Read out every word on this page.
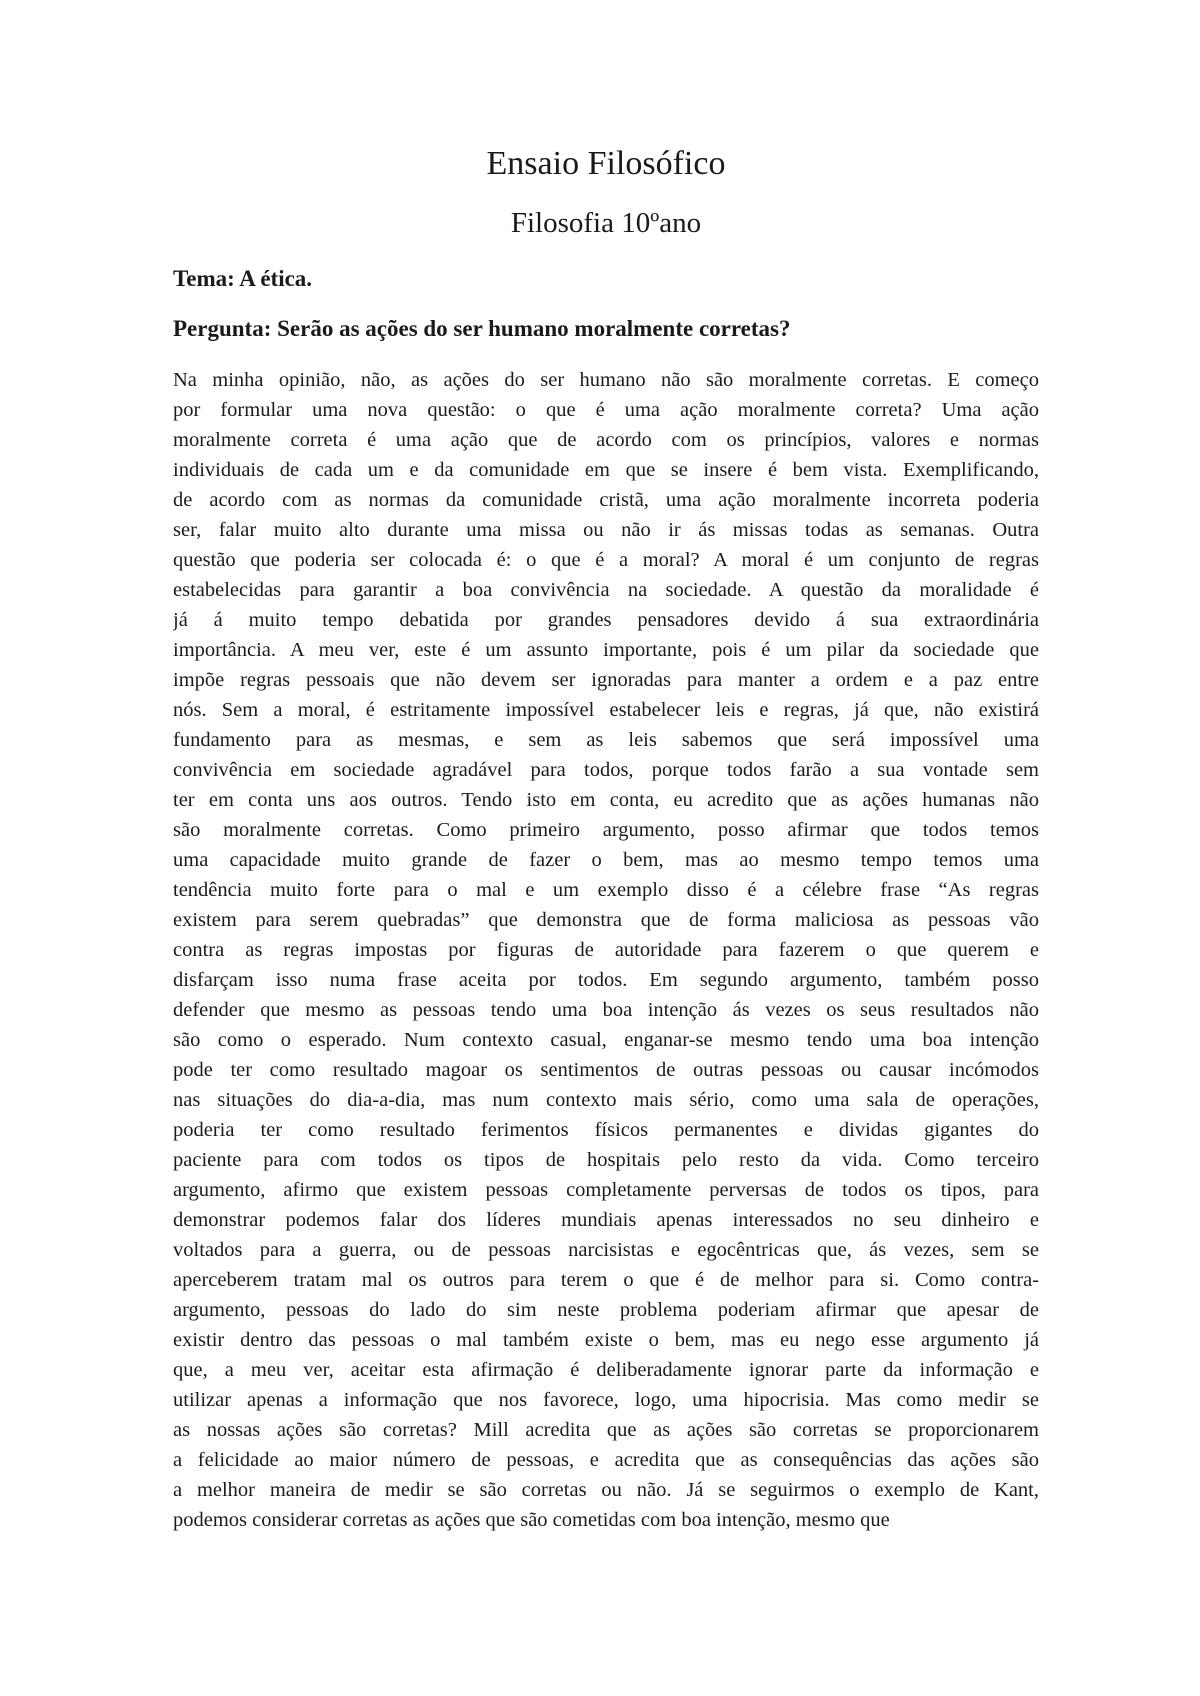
Ensaio Filosófico
Filosofia 10ºano

Tema: A ética.

Pergunta: Serão as ações do ser humano moralmente corretas?

Na minha opinião, não, as ações do ser humano não são moralmente corretas. E começo
por formular uma nova questão: o que é uma ação moralmente correta? Uma ação
moralmente correta é uma ação que de acordo com os princípios, valores e normas
individuais de cada um e da comunidade em que se insere é bem vista. Exemplificando,
de acordo com as normas da comunidade cristã, uma ação moralmente incorreta poderia
ser, falar muito alto durante uma missa ou não ir ás missas todas as semanas. Outra
questão que poderia ser colocada é: o que é a moral? A moral é um conjunto de regras
estabelecidas para garantir a boa convivência na sociedade. A questão da moralidade é
já á muito tempo debatida por grandes pensadores devido á sua extraordinária
importância. A meu ver, este é um assunto importante, pois é um pilar da sociedade que
impõe regras pessoais que não devem ser ignoradas para manter a ordem e a paz entre
nós. Sem a moral, é estritamente impossível estabelecer leis e regras, já que, não existirá
fundamento para as mesmas, e sem as leis sabemos que será impossível uma
convivência em sociedade agradável para todos, porque todos farão a sua vontade sem
ter em conta uns aos outros. Tendo isto em conta, eu acredito que as ações humanas não
são moralmente corretas. Como primeiro argumento, posso afirmar que todos temos
uma capacidade muito grande de fazer o bem, mas ao mesmo tempo temos uma
tendência muito forte para o mal e um exemplo disso é a célebre frase “As regras
existem para serem quebradas” que demonstra que de forma maliciosa as pessoas vão
contra as regras impostas por figuras de autoridade para fazerem o que querem e
disfarçam isso numa frase aceita por todos. Em segundo argumento, também posso
defender que mesmo as pessoas tendo uma boa intenção ás vezes os seus resultados não
são como o esperado. Num contexto casual, enganar-se mesmo tendo uma boa intenção
pode ter como resultado magoar os sentimentos de outras pessoas ou causar incómodos
nas situações do dia-a-dia, mas num contexto mais sério, como uma sala de operações,
poderia ter como resultado ferimentos físicos permanentes e dividas gigantes do
paciente para com todos os tipos de hospitais pelo resto da vida. Como terceiro
argumento, afirmo que existem pessoas completamente perversas de todos os tipos, para
demonstrar podemos falar dos líderes mundiais apenas interessados no seu dinheiro e
voltados para a guerra, ou de pessoas narcisistas e egocêntricas que, ás vezes, sem se
aperceberem tratam mal os outros para terem o que é de melhor para si. Como contra-
argumento, pessoas do lado do sim neste problema poderiam afirmar que apesar de
existir dentro das pessoas o mal também existe o bem, mas eu nego esse argumento já
que, a meu ver, aceitar esta afirmação é deliberadamente ignorar parte da informação e
utilizar apenas a informação que nos favorece, logo, uma hipocrisia. Mas como medir se
as nossas ações são corretas? Mill acredita que as ações são corretas se proporcionarem
a felicidade ao maior número de pessoas, e acredita que as consequências das ações são
a melhor maneira de medir se são corretas ou não. Já se seguirmos o exemplo de Kant,
podemos considerar corretas as ações que são cometidas com boa intenção, mesmo que
